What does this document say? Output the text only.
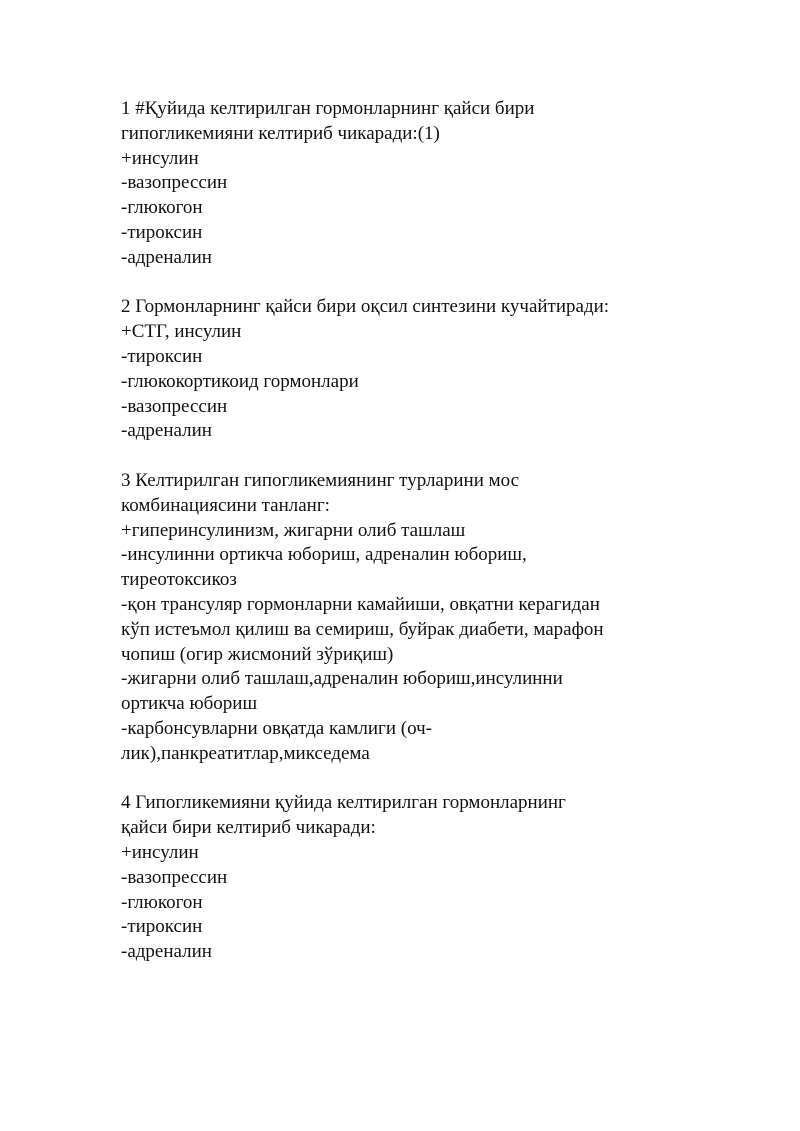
1 #Қуйида келтирилган гормонларнинг қайси бири
гипогликемияни келтириб чикаради:(1)
+инсулин
-вазопрессин
-глюкогон
-тироксин
-адреналин
2 Гормонларнинг қайси бири оқсил синтезини кучайтиради:
+СТГ, инсулин
-тироксин
-глюкокортикоид гормонлари
-вазопрессин
-адреналин
3 Келтирилган гипогликемиянинг турларини мос
комбинациясини танланг:
+гиперинсулинизм, жигарни олиб ташлаш
-инсулинни ортикча юбориш, адреналин юбориш,
тиреотоксикоз
-қон трансуляр гормонларни камайиши, овқатни керагидан
кўп истеъмол қилиш ва семириш, буйрак диабети, марафон
чопиш (огир жисмоний зўриқиш)
-жигарни олиб ташлаш,адреналин юбориш,инсулинни
ортикча юбориш
-карбонсувларни овқатда камлиги (оч-
лик),панкреатитлар,микседема
4 Гипогликемияни қуйида келтирилган гормонларнинг
қайси бири келтириб чикаради:
+инсулин
-вазопрессин
-глюкогон
-тироксин
-адреналин
